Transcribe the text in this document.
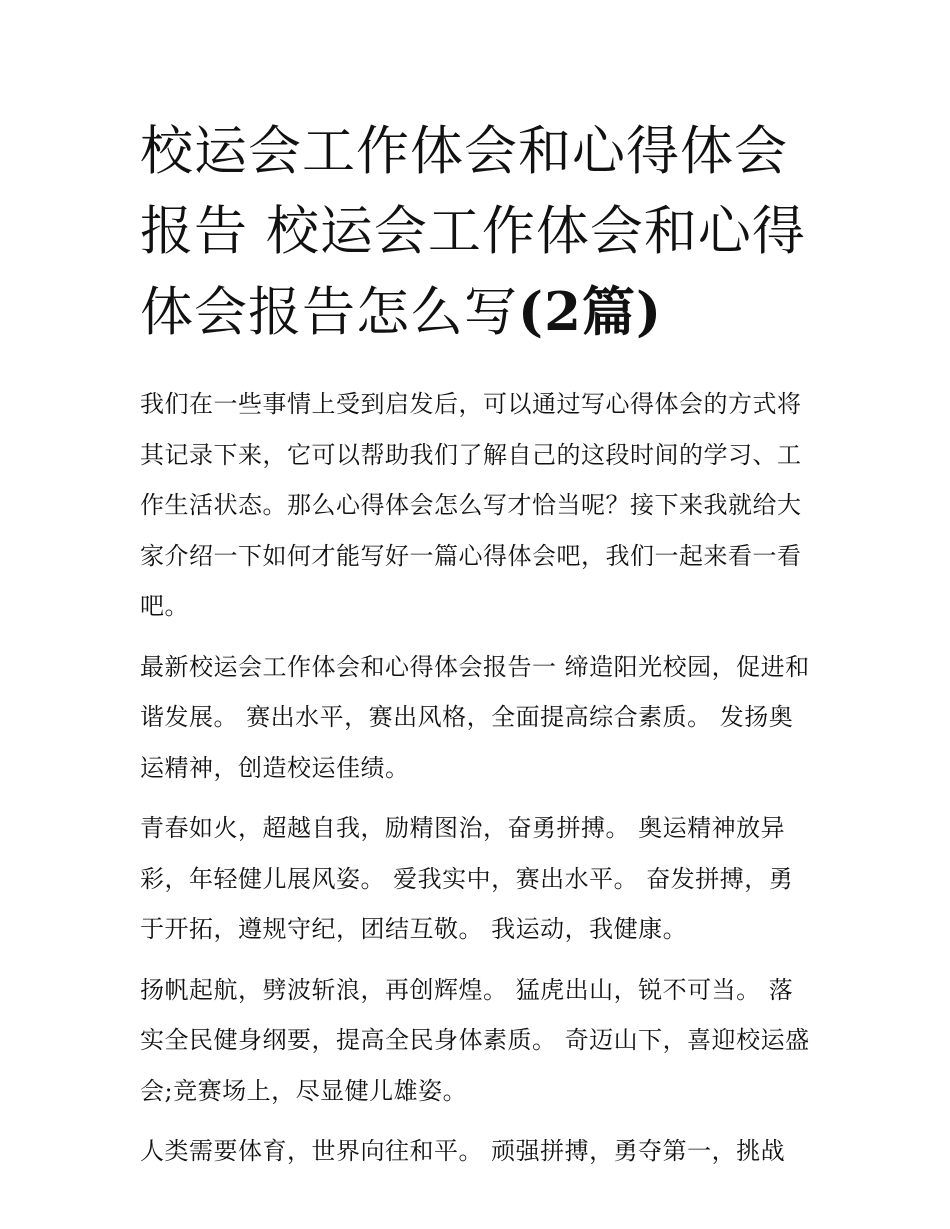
校运会工作体会和心得体会报告 校运会工作体会和心得体会报告怎么写(2篇)

我们在一些事情上受到启发后，可以通过写心得体会的方式将其记录下来，它可以帮助我们了解自己的这段时间的学习、工作生活状态。那么心得体会怎么写才恰当呢？接下来我就给大家介绍一下如何才能写好一篇心得体会吧，我们一起来看一看吧。

最新校运会工作体会和心得体会报告一 缔造阳光校园，促进和谐发展。 赛出水平，赛出风格，全面提高综合素质。 发扬奥运精神，创造校运佳绩。

青春如火，超越自我，励精图治，奋勇拼搏。 奥运精神放异彩，年轻健儿展风姿。 爱我实中，赛出水平。 奋发拼搏，勇于开拓，遵规守纪，团结互敬。 我运动，我健康。

扬帆起航，劈波斩浪，再创辉煌。 猛虎出山，锐不可当。 落实全民健身纲要，提高全民身体素质。 奇迈山下，喜迎校运盛会;竞赛场上，尽显健儿雄姿。

人类需要体育，世界向往和平。 顽强拼搏，勇夺第一，挑战
